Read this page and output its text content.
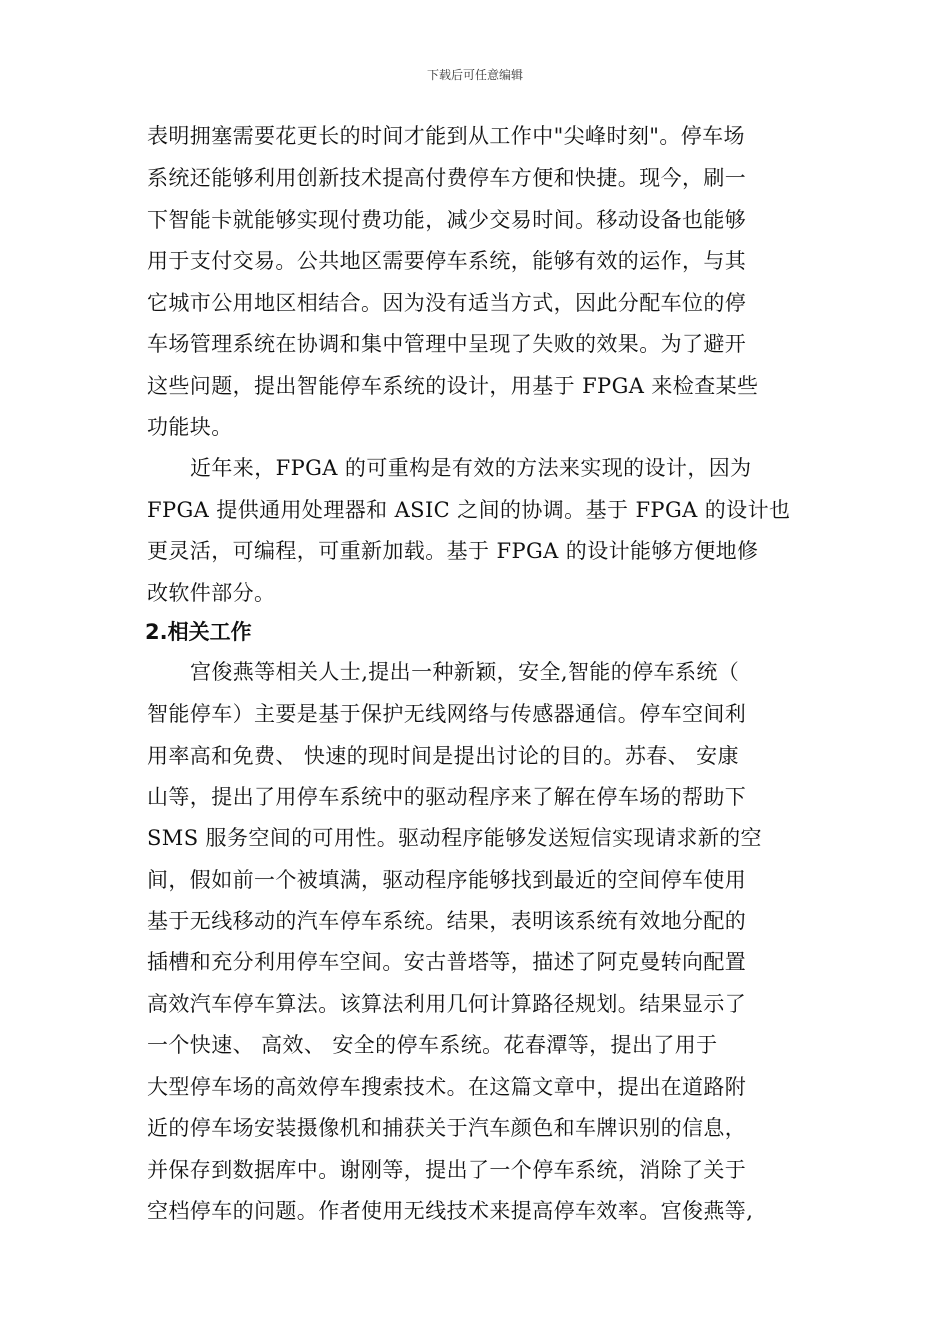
下载后可任意编辑
表明拥塞需要花更长的时间才能到从工作中"尖峰时刻"。停车场
系统还能够利用创新技术提高付费停车方便和快捷。现今，刷一
下智能卡就能够实现付费功能，减少交易时间。移动设备也能够
用于支付交易。公共地区需要停车系统，能够有效的运作，与其
它城市公用地区相结合。因为没有适当方式，因此分配车位的停
车场管理系统在协调和集中管理中呈现了失败的效果。为了避开
这些问题，提出智能停车系统的设计，用基于 FPGA 来检查某些
功能块。
近年来，FPGA 的可重构是有效的方法来实现的设计，因为
FPGA 提供通用处理器和 ASIC 之间的协调。基于 FPGA 的设计也
更灵活，可编程，可重新加载。基于 FPGA 的设计能够方便地修
改软件部分。
2.相关工作
宫俊燕等相关人士,提出一种新颖，安全,智能的停车系统（
智能停车）主要是基于保护无线网络与传感器通信。停车空间利
用率高和免费、 快速的现时间是提出讨论的目的。苏春、 安康
山等，提出了用停车系统中的驱动程序来了解在停车场的帮助下
SMS 服务空间的可用性。驱动程序能够发送短信实现请求新的空
间，假如前一个被填满，驱动程序能够找到最近的空间停车使用
基于无线移动的汽车停车系统。结果，表明该系统有效地分配的
插槽和充分利用停车空间。安古普塔等，描述了阿克曼转向配置
高效汽车停车算法。该算法利用几何计算路径规划。结果显示了
一个快速、 高效、 安全的停车系统。花春潭等，提出了用于
大型停车场的高效停车搜索技术。在这篇文章中，提出在道路附
近的停车场安装摄像机和捕获关于汽车颜色和车牌识别的信息，
并保存到数据库中。谢刚等，提出了一个停车系统，消除了关于
空档停车的问题。作者使用无线技术来提高停车效率。宫俊燕等,
